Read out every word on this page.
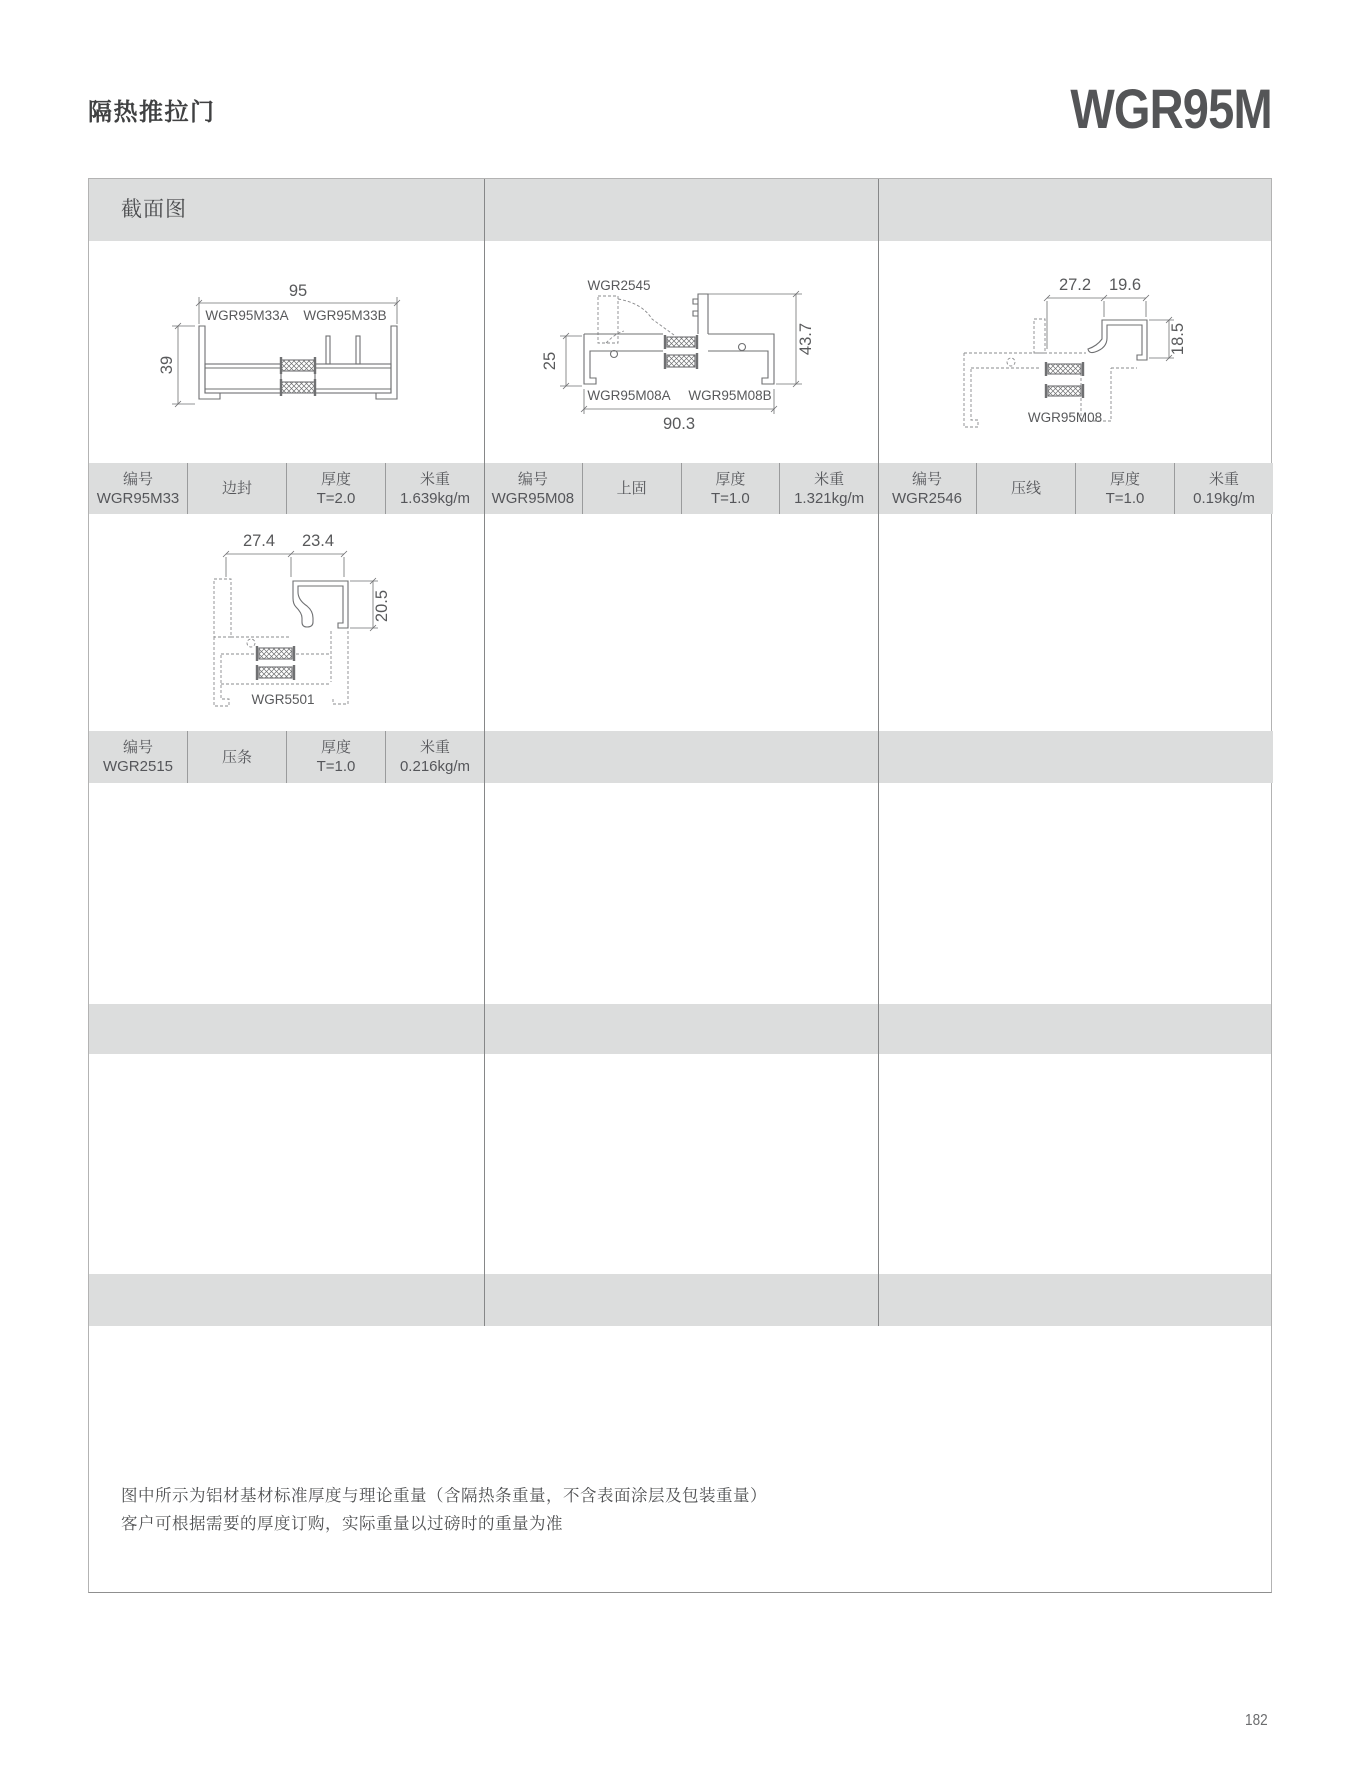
隔热推拉门	WGR95M
截面图
95
39
WGR95M33A WGR95M33B
WGR2545
25
43.7
90.3
WGR95M08A WGR95M08B
27.2 19.6
18.5
WGR95M08
27.4 23.4
20.5
WGR5501
编号
WGR95M33
边封
厚度
T=2.0
米重
1.639kg/m
编号
WGR95M08
上固
厚度
T=1.0
米重
1.321kg/m
编号
WGR2546
压线
厚度
T=1.0
米重
0.19kg/m
编号
WGR2515
压条
厚度
T=1.0
米重
0.216kg/m
图中所示为铝材基材标准厚度与理论重量（含隔热条重量，不含表面涂层及包装重量）
客户可根据需要的厚度订购，实际重量以过磅时的重量为准
182
